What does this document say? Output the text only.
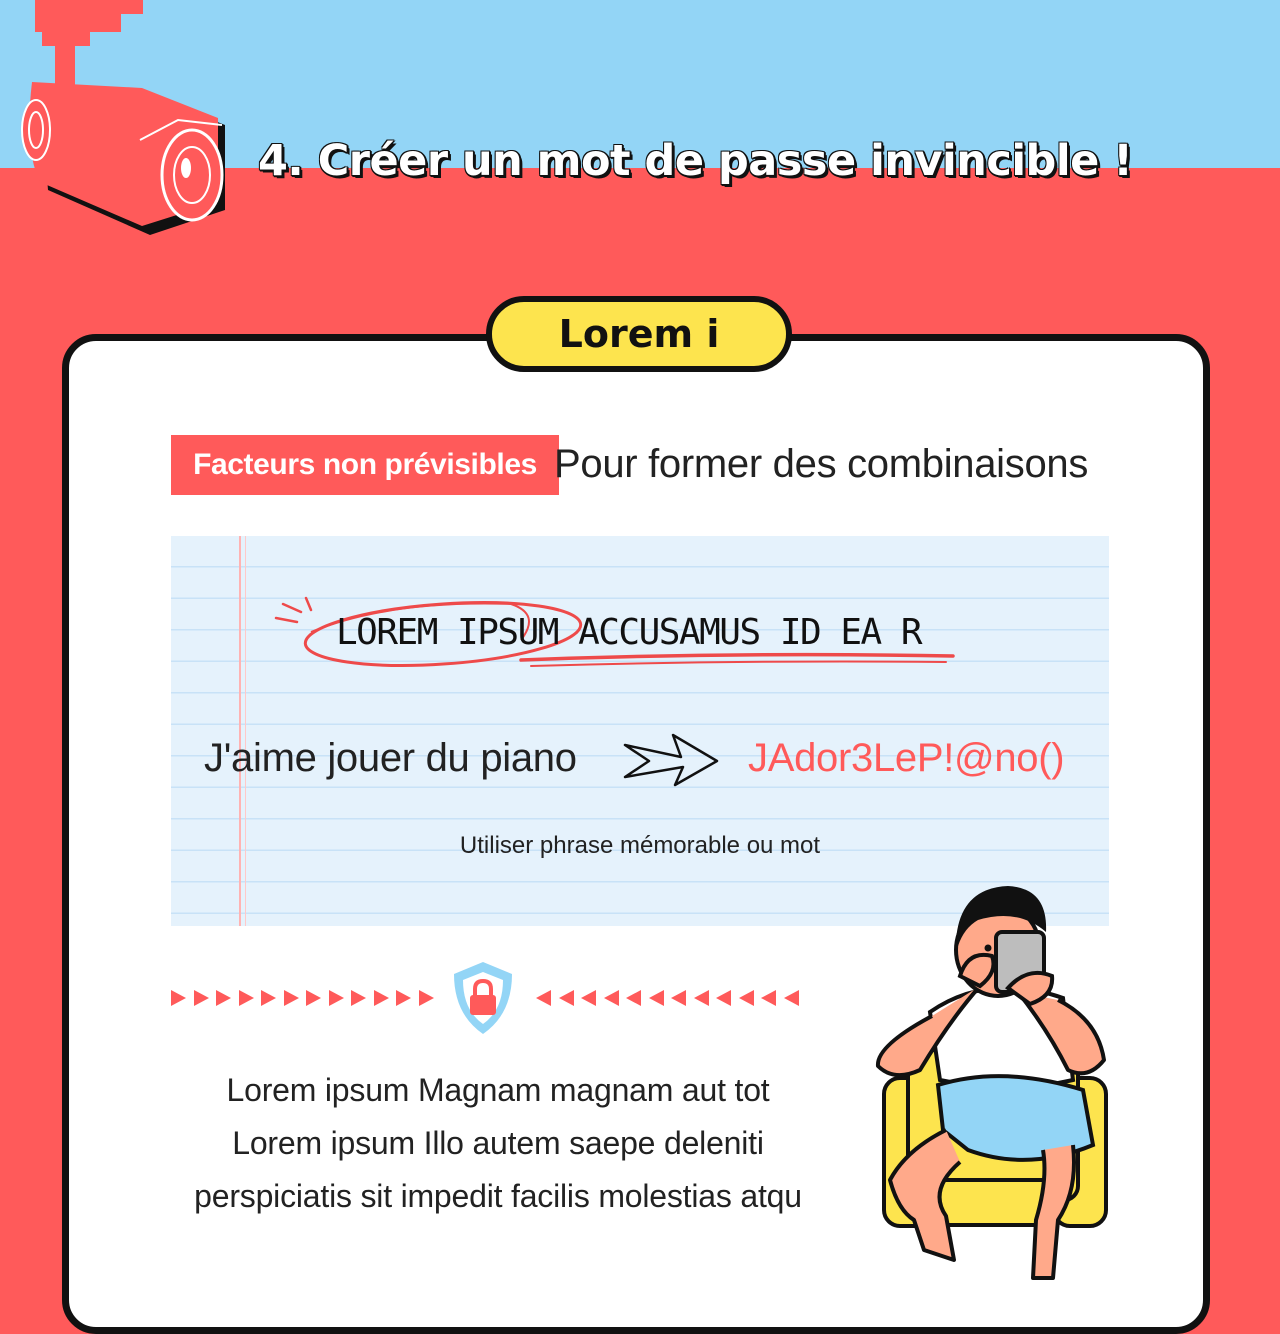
4. Créer un mot de passe invincible !
Lorem i
Facteurs non prévisibles Pour former des combinaisons
LOREM IPSUM ACCUSAMUS ID EA R
J'aime jouer du piano	JAdor3LeP!@no()
Utiliser phrase mémorable ou mot
Lorem ipsum Magnam magnam aut tot
Lorem ipsum Illo autem saepe deleniti
perspiciatis sit impedit facilis molestias atqu
